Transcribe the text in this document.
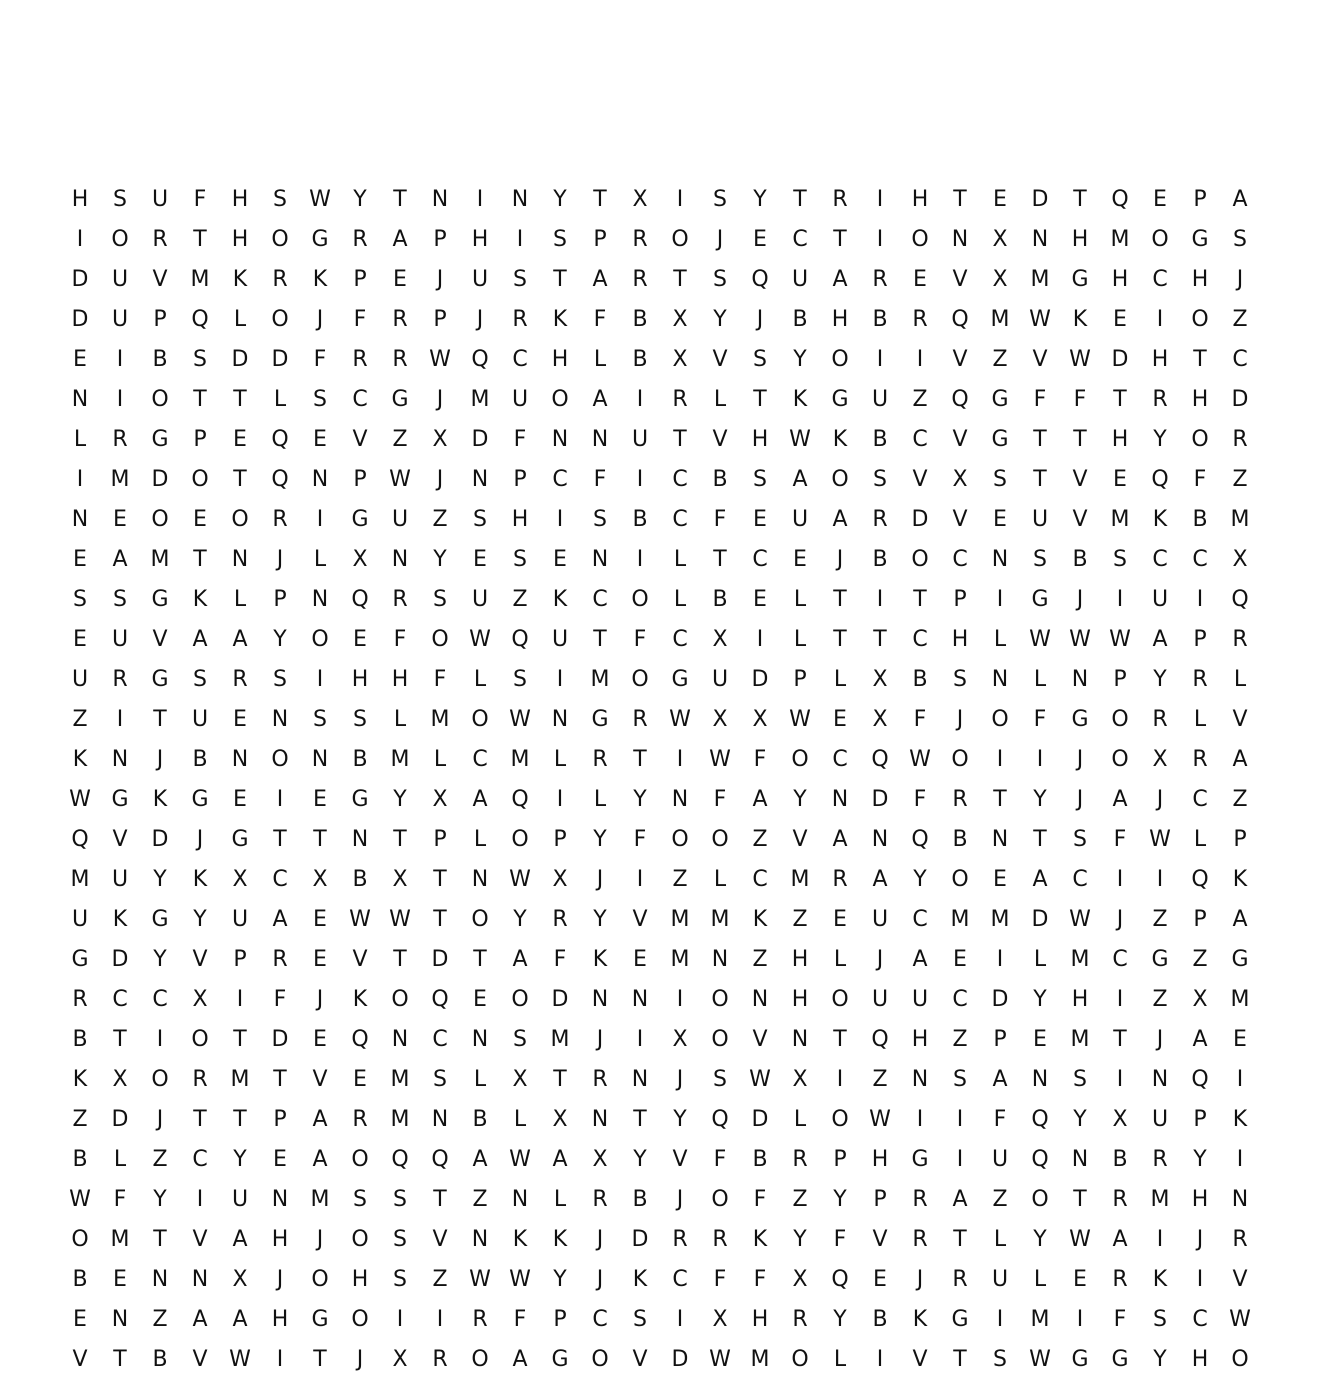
H	S	U	F	H	S	W	Y	T	N	I	N	Y	T	X	I	S	Y	T	R	I	H	T	E	D	T	Q	E	P	A
I	O	R	T	H	O	G	R	A	P	H	I	S	P	R	O	J	E	C	T	I	O	N	X	N	H	M O	G	S
D	U	V	M	K	R	K	P	E	J	U	S	T	A	R	T	S	Q	U	A	R	E	V	X	M G	H	C	H	J
D	U	P	Q	L	O	J	F	R	P	J	R	K	F	B	X	Y	J	B	H	B	R	Q M W K	E	I	O	Z
E	I	B	S	D	D	F	R	R W Q	C	H	L	B	X	V	S	Y	O	I	I	V	Z	V W D	H	T	C
N	I	O	T	T	L	S	C	G	J	M	U	O	A	I	R	L	T	K	G	U	Z	Q	G	F	F	T	R	H	D
L	R	G	P	E	Q	E	V	Z	X	D	F	N	N	U	T	V	H W K	B	C	V	G	T	T	H	Y	O	R
I	M	D	O	T	Q	N	P	W	J	N	P	C	F	I	C	B	S	A	O	S	V	X	S	T	V	E	Q	F	Z
N	E	O	E	O	R	I	G	U	Z	S	H	I	S	B	C	F	E	U	A	R	D	V	E	U	V	M	K	B	M
E	A	M	T	N	J	L	X	N	Y	E	S	E	N	I	L	T	C	E	J	B	O	C	N	S	B	S	C	C	X
S	S	G	K	L	P	N	Q	R	S	U	Z	K	C	O	L	B	E	L	T	I	T	P	I	G	J	I	U	I	Q
E	U	V	A	A	Y	O	E	F	O W Q	U	T	F	C	X	I	L	T	T	C	H	L	W W W A	P	R
U	R	G	S	R	S	I	H	H	F	L	S	I	M O	G	U	D	P	L	X	B	S	N	L	N	P	Y	R	L
Z	I	T	U	E	N	S	S	L	M O W N	G	R W X	X W	E	X	F	J	O	F	G	O	R	L	V
K	N	J	B	N	O	N	B	M	L	C	M	L	R	T	I	W	F	O	C	Q W O	I	I	J	O	X	R	A
W G	K	G	E	I	E	G	Y	X	A	Q	I	L	Y	N	F	A	Y	N	D	F	R	T	Y	J	A	J	C	Z
Q	V	D	J	G	T	T	N	T	P	L	O	P	Y	F	O	O	Z	V	A	N	Q	B	N	T	S	F	W	L	P
M	U	Y	K	X	C	X	B	X	T	N W X	J	I	Z	L	C	M	R	A	Y	O	E	A	C	I	I	Q	K
U	K	G	Y	U	A	E	W W	T	O	Y	R	Y	V	M M	K	Z	E	U	C	M M	D W	J	Z	P	A
G	D	Y	V	P	R	E	V	T	D	T	A	F	K	E	M	N	Z	H	L	J	A	E	I	L	M	C	G	Z	G
R	C	C	X	I	F	J	K	O	Q	E	O	D	N	N	I	O	N	H	O	U	U	C	D	Y	H	I	Z	X	M
B	T	I	O	T	D	E	Q	N	C	N	S	M	J	I	X	O	V	N	T	Q	H	Z	P	E	M	T	J	A	E
K	X	O	R	M	T	V	E	M	S	L	X	T	R	N	J	S	W X	I	Z	N	S	A	N	S	I	N	Q	I
Z	D	J	T	T	P	A	R	M	N	B	L	X	N	T	Y	Q	D	L	O W	I	I	F	Q	Y	X	U	P	K
B	L	Z	C	Y	E	A	O	Q	Q	A W A	X	Y	V	F	B	R	P	H	G	I	U	Q	N	B	R	Y	I
W	F	Y	I	U	N	M	S	S	T	Z	N	L	R	B	J	O	F	Z	Y	P	R	A	Z	O	T	R	M	H	N
O M	T	V	A	H	J	O	S	V	N	K	K	J	D	R	R	K	Y	F	V	R	T	L	Y	W A	I	J	R
B	E	N	N	X	J	O	H	S	Z W W	Y	J	K	C	F	F	X	Q	E	J	R	U	L	E	R	K	I	V
E	N	Z	A	A	H	G	O	I	I	R	F	P	C	S	I	X	H	R	Y	B	K	G	I	M	I	F	S	C W
V	T	B	V W	I	T	J	X	R	O	A	G	O	V	D W M O	L	I	V	T	S	W G	G	Y	H	O
